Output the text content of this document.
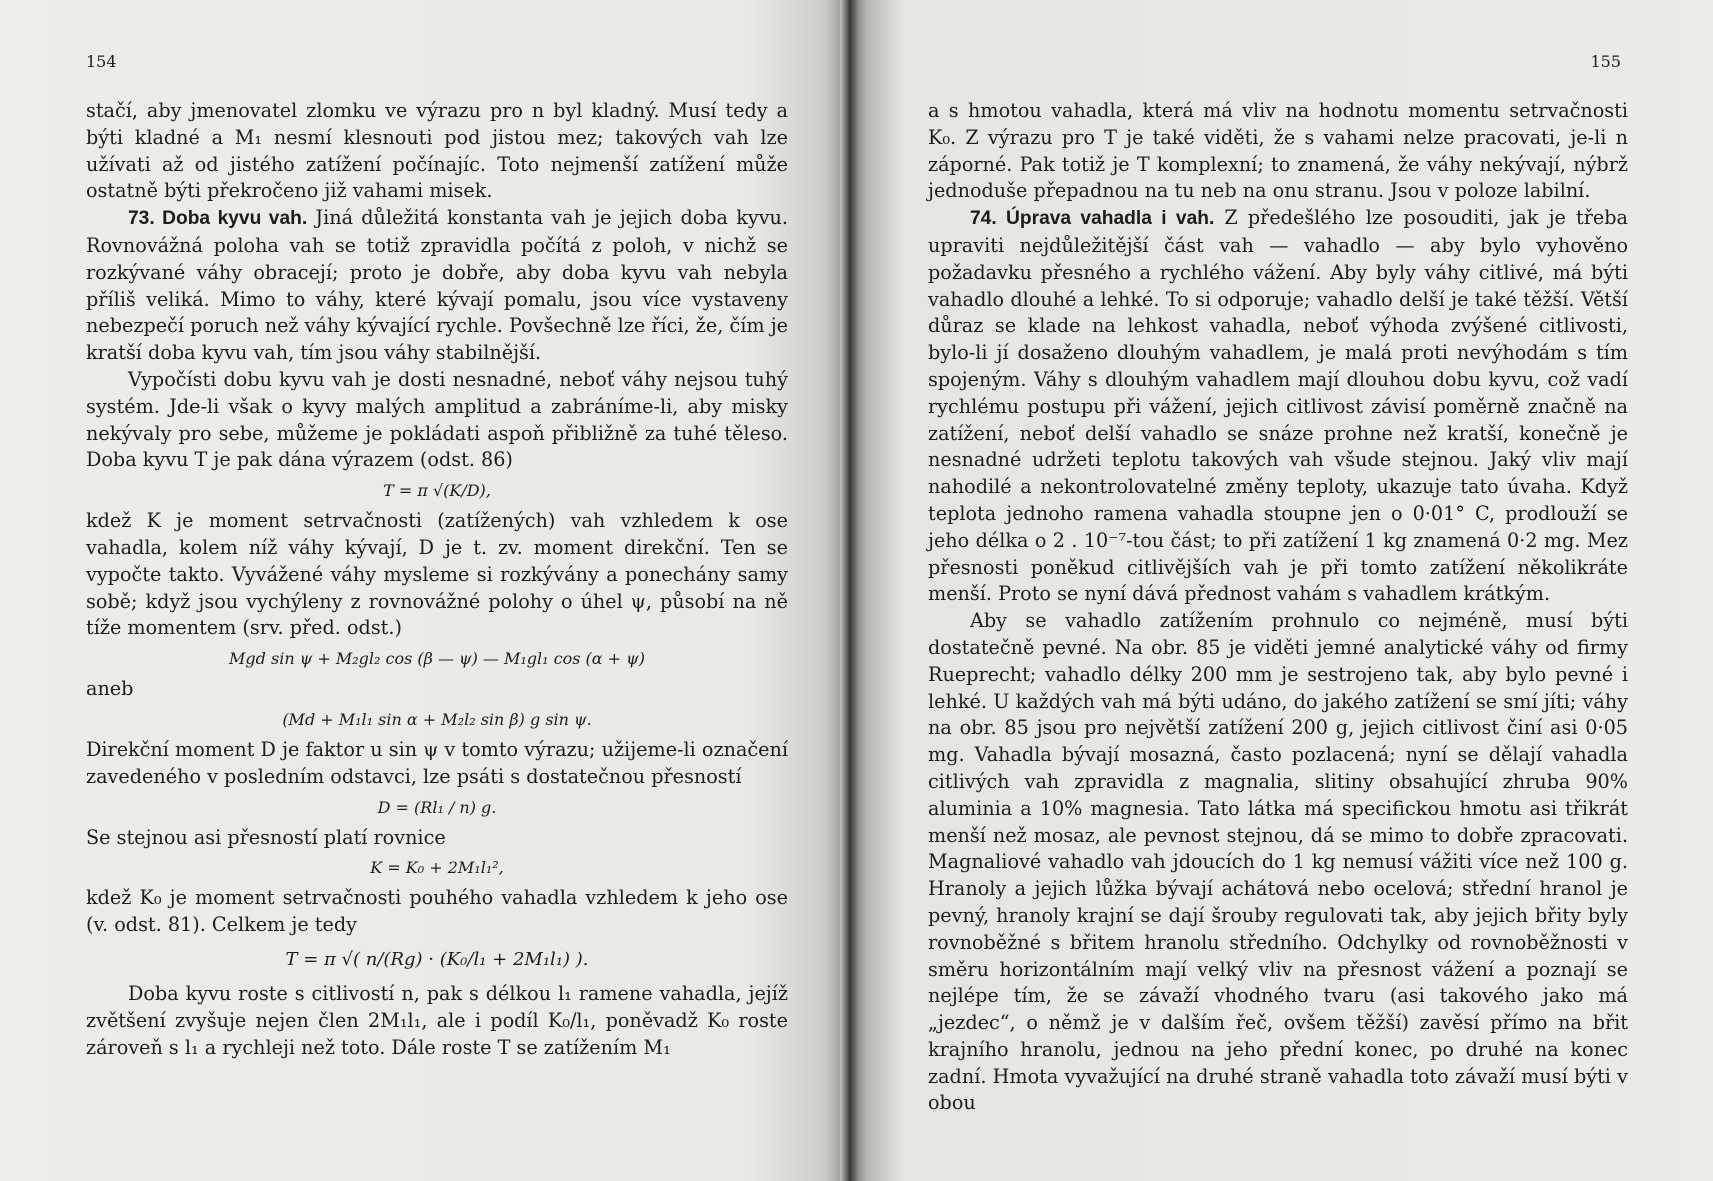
154

stačí, aby jmenovatel zlomku ve výrazu pro n byl kladný. Musí tedy a býti kladné a M₁ nesmí klesnouti pod jistou mez; takových vah lze užívati až od jistého zatížení počínajíc. Toto nejmenší zatížení může ostatně býti překročeno již vahami misek.

73. Doba kyvu vah. Jiná důležitá konstanta vah je jejich doba kyvu. Rovnovážná poloha vah se totiž zpravidla počítá z poloh, v nichž se rozkývané váhy obracejí; proto je dobře, aby doba kyvu vah nebyla příliš veliká. Mimo to váhy, které kývají pomalu, jsou více vystaveny nebezpečí poruch než váhy kývající rychle. Povšechně lze říci, že, čím je kratší doba kyvu vah, tím jsou váhy stabilnější.

Vypočísti dobu kyvu vah je dosti nesnadné, neboť váhy nejsou tuhý systém. Jde-li však o kyvy malých amplitud a zabráníme-li, aby misky nekývaly pro sebe, můžeme je pokládati aspoň přibližně za tuhé těleso. Doba kyvu T je pak dána výrazem (odst. 86)

T = π √(K/D),

kdež K je moment setrvačnosti (zatížených) vah vzhledem k ose vahadla, kolem níž váhy kývají, D je t. zv. moment direkční. Ten se vypočte takto. Vyvážené váhy mysleme si rozkývány a ponechány samy sobě; když jsou vychýleny z rovnovážné polohy o úhel ψ, působí na ně tíže momentem (srv. před. odst.)

Mgd sin ψ + M₂gl₂ cos (β — ψ) — M₁gl₁ cos (α + ψ)

aneb

(Md + M₁l₁ sin α + M₂l₂ sin β) g sin ψ.

Direkční moment D je faktor u sin ψ v tomto výrazu; užijeme-li označení zavedeného v posledním odstavci, lze psáti s dostatečnou přesností

D = (Rl₁ / n) g.

Se stejnou asi přesností platí rovnice

K = K₀ + 2M₁l₁²,

kdež K₀ je moment setrvačnosti pouhého vahadla vzhledem k jeho ose (v. odst. 81). Celkem je tedy

T = π √( n/(Rg) · (K₀/l₁ + 2M₁l₁) ).

Doba kyvu roste s citlivostí n, pak s délkou l₁ ramene vahadla, jejíž zvětšení zvyšuje nejen člen 2M₁l₁, ale i podíl K₀/l₁, poněvadž K₀ roste zároveň s l₁ a rychleji než toto. Dále roste T se zatížením M₁

155

a s hmotou vahadla, která má vliv na hodnotu momentu setrvačnosti K₀. Z výrazu pro T je také viděti, že s vahami nelze pracovati, je-li n záporné. Pak totiž je T komplexní; to znamená, že váhy nekývají, nýbrž jednoduše přepadnou na tu neb na onu stranu. Jsou v poloze labilní.

74. Úprava vahadla i vah. Z předešlého lze posouditi, jak je třeba upraviti nejdůležitější část vah — vahadlo — aby bylo vyhověno požadavku přesného a rychlého vážení. Aby byly váhy citlivé, má býti vahadlo dlouhé a lehké. To si odporuje; vahadlo delší je také těžší. Větší důraz se klade na lehkost vahadla, neboť výhoda zvýšené citlivosti, bylo-li jí dosaženo dlouhým vahadlem, je malá proti nevýhodám s tím spojeným. Váhy s dlouhým vahadlem mají dlouhou dobu kyvu, což vadí rychlému postupu při vážení, jejich citlivost závisí poměrně značně na zatížení, neboť delší vahadlo se snáze prohne než kratší, konečně je nesnadné udržeti teplotu takových vah všude stejnou. Jaký vliv mají nahodilé a nekontrolovatelné změny teploty, ukazuje tato úvaha. Když teplota jednoho ramena vahadla stoupne jen o 0·01° C, prodlouží se jeho délka o 2 . 10⁻⁷-tou část; to při zatížení 1 kg znamená 0·2 mg. Mez přesnosti poněkud citlivějších vah je při tomto zatížení několikráte menší. Proto se nyní dává přednost vahám s vahadlem krátkým.

Aby se vahadlo zatížením prohnulo co nejméně, musí býti dostatečně pevné. Na obr. 85 je viděti jemné analytické váhy od firmy Rueprecht; vahadlo délky 200 mm je sestrojeno tak, aby bylo pevné i lehké. U každých vah má býti udáno, do jakého zatížení se smí jíti; váhy na obr. 85 jsou pro největší zatížení 200 g, jejich citlivost činí asi 0·05 mg. Vahadla bývají mosazná, často pozlacená; nyní se dělají vahadla citlivých vah zpravidla z magnalia, slitiny obsahující zhruba 90% aluminia a 10% magnesia. Tato látka má specifickou hmotu asi třikrát menší než mosaz, ale pevnost stejnou, dá se mimo to dobře zpracovati. Magnaliové vahadlo vah jdoucích do 1 kg nemusí vážiti více než 100 g. Hranoly a jejich lůžka bývají achátová nebo ocelová; střední hranol je pevný, hranoly krajní se dají šrouby regulovati tak, aby jejich břity byly rovnoběžné s břitem hranolu středního. Odchylky od rovnoběžnosti v směru horizontálním mají velký vliv na přesnost vážení a poznají se nejlépe tím, že se závaží vhodného tvaru (asi takového jako má „jezdec“, o němž je v dalším řeč, ovšem těžší) zavěsí přímo na břit krajního hranolu, jednou na jeho přední konec, po druhé na konec zadní. Hmota vyvažující na druhé straně vahadla toto závaží musí býti v obou
